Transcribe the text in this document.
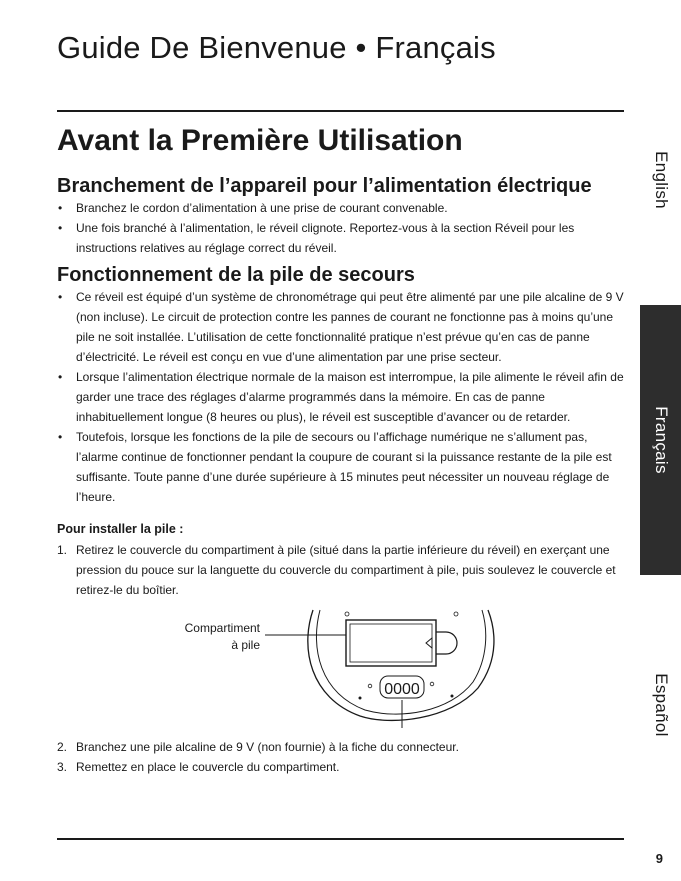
Guide De Bienvenue • Français
Avant la Première Utilisation
Branchement de l’appareil pour l’alimentation électrique
• Branchez le cordon d’alimentation à une prise de courant convenable.
• Une fois branché à l’alimentation, le réveil clignote. Reportez-vous à la section Réveil pour les instructions relatives au réglage correct du réveil.
Fonctionnement de la pile de secours
• Ce réveil est équipé d’un système de chronométrage qui peut être alimenté par une pile alcaline de 9 V (non incluse). Le circuit de protection contre les pannes de courant ne fonctionne pas à moins qu’une pile ne soit installée. L’utilisation de cette fonctionnalité pratique n’est prévue qu’en cas de panne d’électricité. Le réveil est conçu en vue d’une alimentation par une prise secteur.
• Lorsque l’alimentation électrique normale de la maison est interrompue, la pile alimente le réveil afin de garder une trace des réglages d’alarme programmés dans la mémoire. En cas de panne inhabituellement longue (8 heures ou plus), le réveil est susceptible d’avancer ou de retarder.
• Toutefois, lorsque les fonctions de la pile de secours ou l’affichage numérique ne s’allument pas, l’alarme continue de fonctionner pendant la coupure de courant si la puissance restante de la pile est suffisante. Toute panne d’une durée supérieure à 15 minutes peut nécessiter un nouveau réglage de l’heure.
Pour installer la pile :
1. Retirez le couvercle du compartiment à pile (situé dans la partie inférieure du réveil) en exerçant une pression du pouce sur la languette du couvercle du compartiment à pile, puis soulevez le couvercle et retirez-le du boîtier.
0000
Compartiment
à pile
2. Branchez une pile alcaline de 9 V (non fournie) à la fiche du connecteur.
3. Remettez en place le couvercle du compartiment.
English
Français
Español

9
